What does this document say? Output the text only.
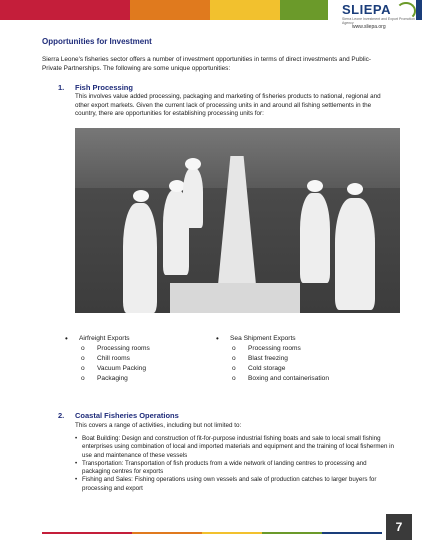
SLIEPA
Sierra Leone Investment and Export Promotion Agency
www.sliepa.org
Opportunities for Investment
Sierra Leone's fisheries sector offers a number of investment opportunities in terms of direct investments and Public-Private Partnerships. The following are some unique opportunities:
1. Fish Processing
This involves value added processing, packaging and marketing of fisheries products to national, regional and other export markets. Given the current lack of processing units in and around all fishing settlements in the country, there are opportunities for establishing processing units for:
•	Airfreight Exports
o	Processing rooms
o	Chill rooms
o	Vacuum Packing
o	Packaging
•	Sea Shipment Exports
o	Processing rooms
o	Blast freezing
o	Cold storage
o	Boxing and containerisation
2. Coastal Fisheries Operations
This covers a range of activities, including but not limited to:
• Boat Building: Design and construction of fit-for-purpose industrial fishing boats and sale to local small fishing enterprises using combination of local and imported materials and equipment and the training of local fishermen in use and maintenance of these vessels
• Transportation: Transportation of fish products from a wide network of landing centres to processing and packaging centres for exports
• Fishing and Sales: Fishing operations using own vessels and sale of production catches to larger buyers for processing and export
7
